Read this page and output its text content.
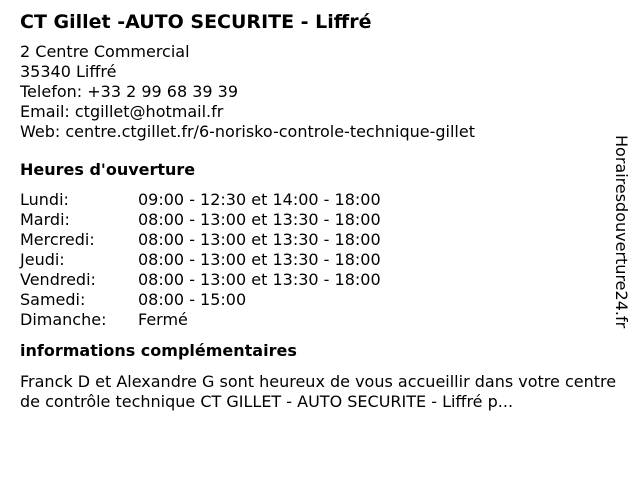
CT Gillet -AUTO SECURITE - Liffré
2 Centre Commercial
35340 Liffré
Telefon: +33 2 99 68 39 39
Email: ctgillet@hotmail.fr
Web: centre.ctgillet.fr/6-norisko-controle-technique-gillet
Heures d'ouverture
Lundi:	09:00 - 12:30 et 14:00 - 18:00
Mardi:	08:00 - 13:00 et 13:30 - 18:00
Mercredi:	08:00 - 13:00 et 13:30 - 18:00
Jeudi:	08:00 - 13:00 et 13:30 - 18:00
Vendredi:	08:00 - 13:00 et 13:30 - 18:00
Samedi:	08:00 - 15:00
Dimanche:	Fermé
informations complémentaires
Franck D et Alexandre G sont heureux de vous accueillir dans votre centre de contrôle technique CT GILLET - AUTO SECURITE - Liffré p...
Horairesdouverture24.fr
